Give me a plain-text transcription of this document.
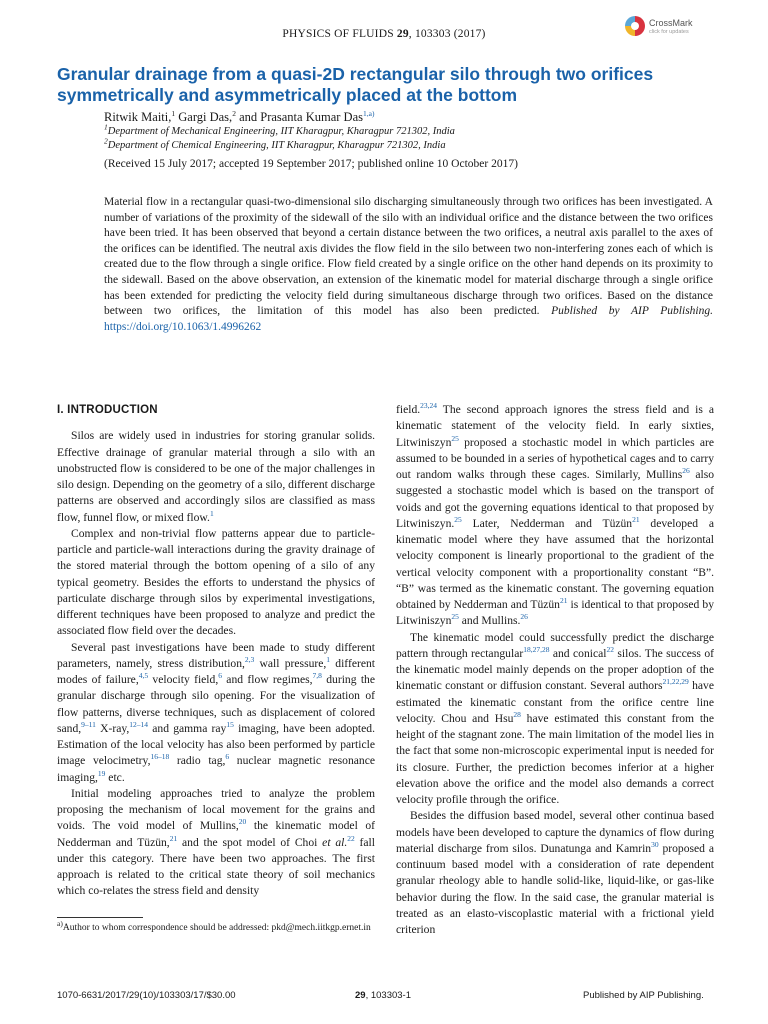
PHYSICS OF FLUIDS 29, 103303 (2017)
CrossMark
click for updates
Granular drainage from a quasi-2D rectangular silo through two orifices symmetrically and asymmetrically placed at the bottom
Ritwik Maiti,$^1$ Gargi Das,$^2$ and Prasanta Kumar Das$^{1,a)}$
$^1$Department of Mechanical Engineering, IIT Kharagpur, Kharagpur 721302, India
$^2$Department of Chemical Engineering, IIT Kharagpur, Kharagpur 721302, India
(Received 15 July 2017; accepted 19 September 2017; published online 10 October 2017)

Material flow in a rectangular quasi-two-dimensional silo discharging simultaneously through two orifices has been investigated. A number of variations of the proximity of the sidewall of the silo with an individual orifice and the distance between the two orifices have been tried. It has been observed that beyond a certain distance between the two orifices, a neutral axis parallel to the axes of the orifices can be identified. The neutral axis divides the flow field in the silo between two non-interfering zones each of which is created due to the flow through a single orifice. Flow field created by a single orifice on the other hand depends on its proximity to the sidewall. Based on the above observation, an extension of the kinematic model for material discharge through a single orifice has been extended for predicting the velocity field during simultaneous discharge through two orifices. Based on the distance between two orifices, the limitation of this model has also been predicted. Published by AIP Publishing. https://doi.org/10.1063/1.4996262

I. INTRODUCTION

Silos are widely used in industries for storing granular solids. Effective drainage of granular material through a silo with an unobstructed flow is considered to be one of the major challenges in silo design. Depending on the geometry of a silo, different discharge patterns are observed and accordingly silos are classified as mass flow, funnel flow, or mixed flow.$^1$

Complex and non-trivial flow patterns appear due to particle-particle and particle-wall interactions during the gravity drainage of the stored material through the bottom opening of a silo of any typical geometry. Besides the efforts to understand the physics of particulate discharge through silos by experimental investigations, different techniques have been proposed to analyze and predict the associated flow field over the decades.

Several past investigations have been made to study different parameters, namely, stress distribution,$^{2,3}$ wall pressure,$^1$ different modes of failure,$^{4,5}$ velocity field,$^6$ and flow regimes,$^{7,8}$ during the granular discharge through silo opening. For the visualization of flow patterns, diverse techniques, such as displacement of colored sand,$^{9-11}$ X-ray,$^{12-14}$ and gamma ray$^{15}$ imaging, have been adopted. Estimation of the local velocity has also been performed by particle image velocimetry,$^{16-18}$ radio tag,$^6$ nuclear magnetic resonance imaging,$^{19}$ etc.

Initial modeling approaches tried to analyze the problem proposing the mechanism of local movement for the grains and voids. The void model of Mullins,$^{20}$ the kinematic model of Nedderman and Tüzün,$^{21}$ and the spot model of Choi et al.$^{22}$ fall under this category. There have been two approaches. The first approach is related to the critical state theory of soil mechanics which co-relates the stress field and density

field.$^{23,24}$ The second approach ignores the stress field and is a kinematic statement of the velocity field. In early sixties, Litwiniszyn$^{25}$ proposed a stochastic model in which particles are assumed to be bounded in a series of hypothetical cages and to carry out random walks through these cages. Similarly, Mullins$^{26}$ also suggested a stochastic model which is based on the transport of voids and got the governing equations identical to that proposed by Litwiniszyn.$^{25}$ Later, Nedderman and Tüzün$^{21}$ developed a kinematic model where they have assumed that the horizontal velocity component is linearly proportional to the gradient of the vertical velocity component with a proportionality constant “B”. “B” was termed as the kinematic constant. The governing equation obtained by Nedderman and Tüzün$^{21}$ is identical to that proposed by Litwiniszyn$^{25}$ and Mullins.$^{26}$

The kinematic model could successfully predict the discharge pattern through rectangular$^{18,27,28}$ and conical$^{22}$ silos. The success of the kinematic model mainly depends on the proper adoption of the kinematic constant or diffusion constant. Several authors$^{21,22,29}$ have estimated the kinematic constant from the orifice centre line velocity. Chou and Hsu$^{28}$ have estimated this constant from the height of the stagnant zone. The main limitation of the model lies in the fact that some non-microscopic experimental input is needed for its closure. Further, the prediction becomes inferior at a higher elevation above the orifice and the model also demands a correct velocity profile through the orifice.

Besides the diffusion based model, several other continua based models have been developed to capture the dynamics of flow during material discharge from silos. Dunatunga and Kamrin$^{30}$ proposed a continuum based model with a consideration of rate dependent granular rheology able to handle solid-like, liquid-like, or gas-like behavior during the flow. In the said case, the granular material is treated as an elasto-viscoplastic material with a frictional yield criterion

$^{a)}$Author to whom correspondence should be addressed: pkd@mech.iitkgp.ernet.in
1070-6631/2017/29(10)/103303/17/$30.00	29, 103303-1	Published by AIP Publishing.
